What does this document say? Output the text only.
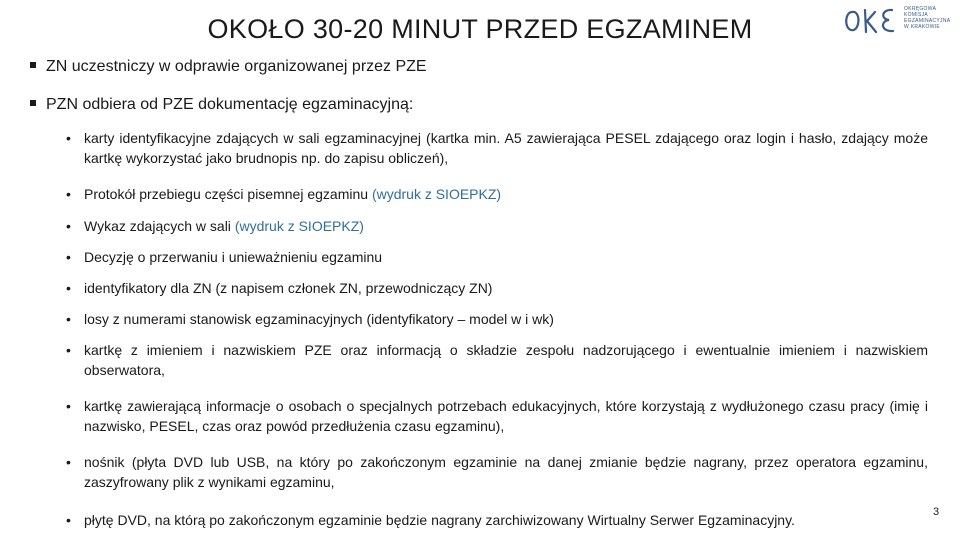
OKOŁO 30-20 MINUT PRZED EGZAMINEM
OKRĘGOWA
KOMISJA
EGZAMINACYJNA
W KRAKOWIE
ZN uczestniczy w odprawie organizowanej przez PZE
PZN odbiera od PZE dokumentację egzaminacyjną:
• karty identyfikacyjne zdających w sali egzaminacyjnej (kartka min. A5 zawierająca PESEL zdającego oraz login i hasło, zdający może kartkę wykorzystać jako brudnopis np. do zapisu obliczeń),
• Protokół przebiegu części pisemnej egzaminu (wydruk z SIOEPKZ)
• Wykaz zdających w sali (wydruk z SIOEPKZ)
• Decyzję o przerwaniu i unieważnieniu egzaminu
• identyfikatory dla ZN (z napisem członek ZN, przewodniczący ZN)
• losy z numerami stanowisk egzaminacyjnych (identyfikatory – model w i wk)
• kartkę z imieniem i nazwiskiem PZE oraz informacją o składzie zespołu nadzorującego i ewentualnie imieniem i nazwiskiem obserwatora,
• kartkę zawierającą informacje o osobach o specjalnych potrzebach edukacyjnych, które korzystają z wydłużonego czasu pracy (imię i nazwisko, PESEL, czas oraz powód przedłużenia czasu egzaminu),
• nośnik (płyta DVD lub USB, na który po zakończonym egzaminie na danej zmianie będzie nagrany, przez operatora egzaminu, zaszyfrowany plik z wynikami egzaminu,
• płytę DVD, na którą po zakończonym egzaminie będzie nagrany zarchiwizowany Wirtualny Serwer Egzaminacyjny.	3
